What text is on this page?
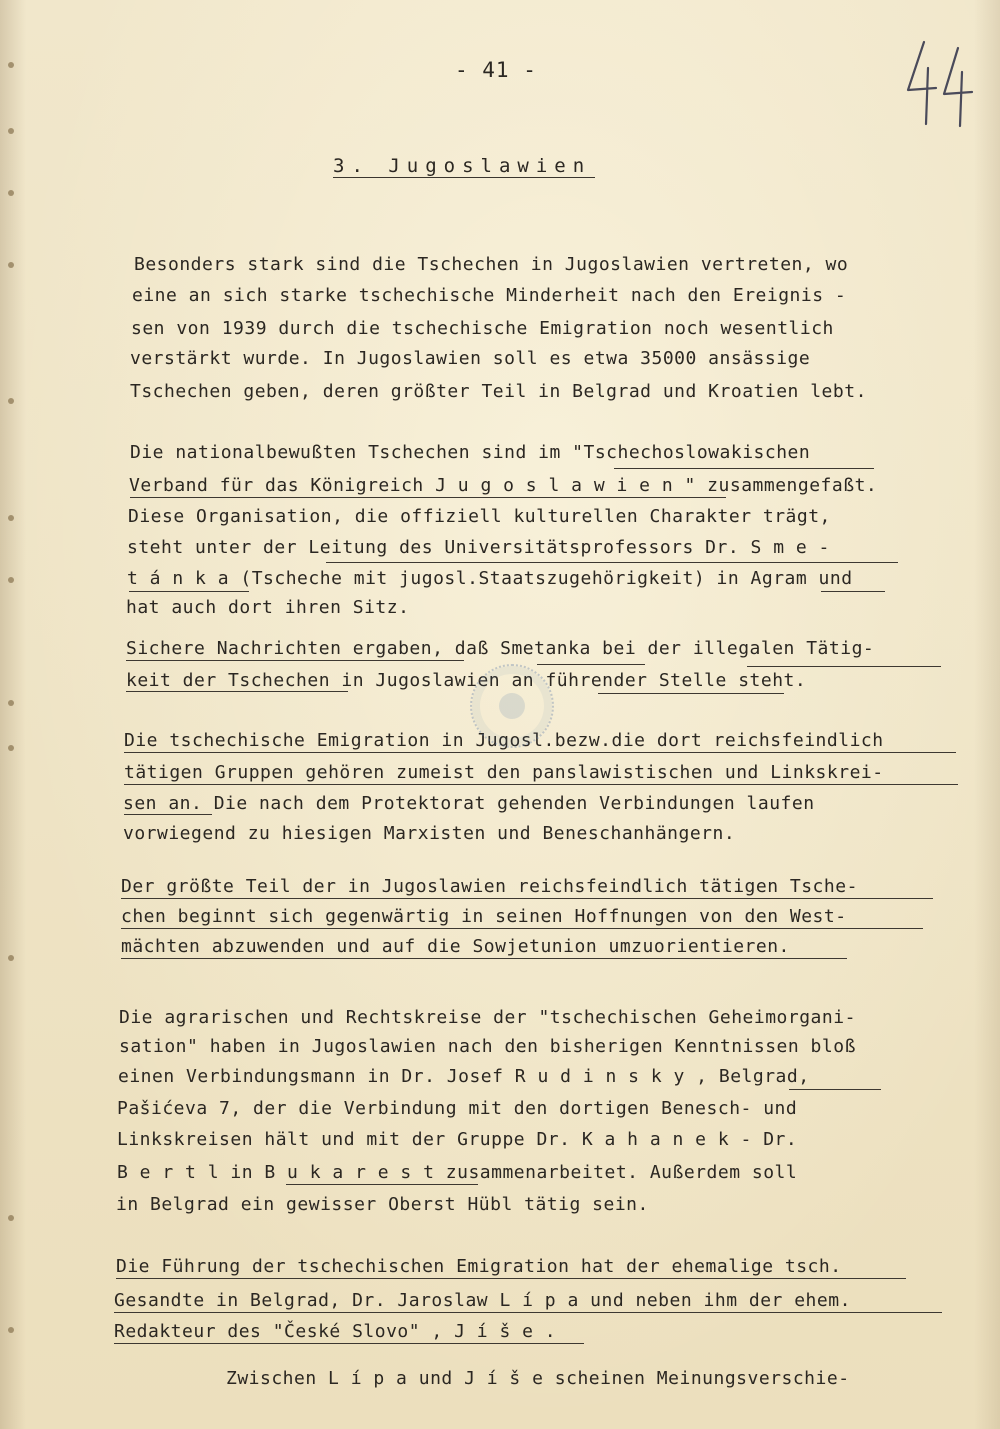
- 41 -
3. Jugoslawien
Besonders stark sind die Tschechen in Jugoslawien vertreten, wo
eine an sich starke tschechische Minderheit nach den Ereignis -
sen von 1939 durch die tschechische Emigration noch wesentlich
verstärkt wurde. In Jugoslawien soll es etwa 35000 ansässige
Tschechen geben, deren größter Teil in Belgrad und Kroatien lebt.
Die nationalbewußten Tschechen sind im "Tschechoslowakischen
Verband für das Königreich J u g o s l a w i e n " zusammengefaßt.
Diese Organisation, die offiziell kulturellen Charakter trägt,
steht unter der Leitung des Universitätsprofessors Dr. S m e -
t á n k a (Tscheche mit jugosl.Staatszugehörigkeit) in Agram und
hat auch dort ihren Sitz.
Sichere Nachrichten ergaben, daß Smetanka bei der illegalen Tätig-
keit der Tschechen in Jugoslawien an führender Stelle steht.
Die tschechische Emigration in Jugosl.bezw.die dort reichsfeindlich
tätigen Gruppen gehören zumeist den panslawistischen und Linkskrei-
sen an. Die nach dem Protektorat gehenden Verbindungen laufen
vorwiegend zu hiesigen Marxisten und Beneschanhängern.
Der größte Teil der in Jugoslawien reichsfeindlich tätigen Tsche-
chen beginnt sich gegenwärtig in seinen Hoffnungen von den West-
mächten abzuwenden und auf die Sowjetunion umzuorientieren.
Die agrarischen und Rechtskreise der "tschechischen Geheimorgani-
sation" haben in Jugoslawien nach den bisherigen Kenntnissen bloß
einen Verbindungsmann in Dr. Josef R u d i n s k y , Belgrad,
Pašićeva 7, der die Verbindung mit den dortigen Benesch- und
Linkskreisen hält und mit der Gruppe Dr. K a h a n e k - Dr.
B e r t l in B u k a r e s t zusammenarbeitet. Außerdem soll
in Belgrad ein gewisser Oberst Hübl tätig sein.
Die Führung der tschechischen Emigration hat der ehemalige tsch.
Gesandte in Belgrad, Dr. Jaroslaw L í p a und neben ihm der ehem.
Redakteur des "České Slovo" , J í š e .
Zwischen L í p a und J í š e scheinen Meinungsverschie-
